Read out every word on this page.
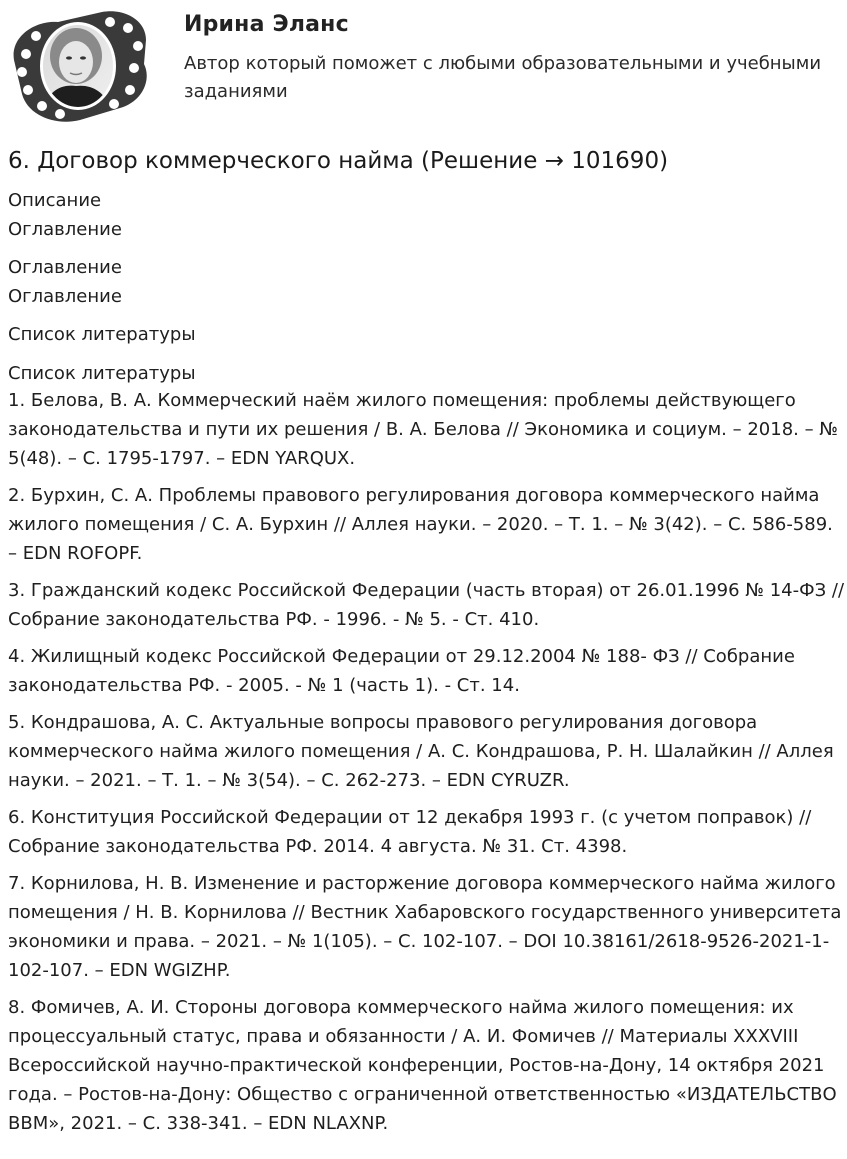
Ирина Эланс
Автор который поможет с любыми образовательными и учебными заданиями
6. Договор коммерческого найма (Решение → 101690)
Описание
Оглавление
Оглавление
Оглавление
Список литературы
Список литературы

1. Белова, В. А. Коммерческий наём жилого помещения: проблемы действующего законодательства и пути их решения / В. А. Белова // Экономика и социум. – 2018. – № 5(48). – С. 1795-1797. – EDN YARQUX.

2. Бурхин, С. А. Проблемы правового регулирования договора коммерческого найма жилого помещения / С. А. Бурхин // Аллея науки. – 2020. – Т. 1. – № 3(42). – С. 586-589. – EDN ROFOPF.

3. Гражданский кодекс Российской Федерации (часть вторая) от 26.01.1996 № 14-ФЗ // Собрание законодательства РФ. - 1996. - № 5. - Ст. 410.

4. Жилищный кодекс Российской Федерации от 29.12.2004 № 188- ФЗ // Собрание законодательства РФ. - 2005. - № 1 (часть 1). - Ст. 14.

5. Кондрашова, А. С. Актуальные вопросы правового регулирования договора коммерческого найма жилого помещения / А. С. Кондрашова, Р. Н. Шалайкин // Аллея науки. – 2021. – Т. 1. – № 3(54). – С. 262-273. – EDN CYRUZR.

6. Конституция Российской Федерации от 12 декабря 1993 г. (с учетом поправок) // Собрание законодательства РФ. 2014. 4 августа. № 31. Ст. 4398.

7. Корнилова, Н. В. Изменение и расторжение договора коммерческого найма жилого помещения / Н. В. Корнилова // Вестник Хабаровского государственного университета экономики и права. – 2021. – № 1(105). – С. 102-107. – DOI 10.38161/2618-9526-2021-1-102-107. – EDN WGIZHP.

8. Фомичев, А. И. Стороны договора коммерческого найма жилого помещения: их процессуальный статус, права и обязанности / А. И. Фомичев // Материалы XXXVIII Всероссийской научно-практической конференции, Ростов-на-Дону, 14 октября 2021 года. – Ростов-на-Дону: Общество с ограниченной ответственностью «ИЗДАТЕЛЬСТВО ВВМ», 2021. – С. 338-341. – EDN NLAXNP.
